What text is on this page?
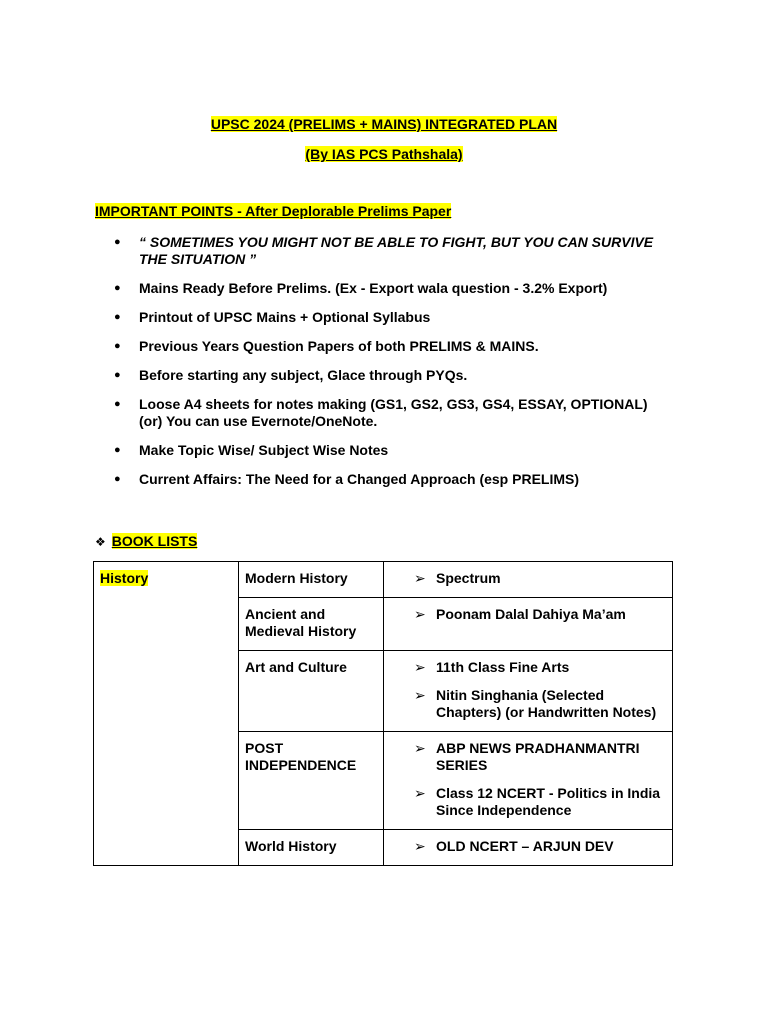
UPSC 2024 (PRELIMS + MAINS) INTEGRATED PLAN
(By IAS PCS Pathshala)
IMPORTANT POINTS - After Deplorable Prelims Paper
● “ SOMETIMES YOU MIGHT NOT BE ABLE TO FIGHT, BUT YOU CAN SURVIVE THE SITUATION ”
● Mains Ready Before Prelims. (Ex - Export wala question - 3.2% Export)
● Printout of UPSC Mains + Optional Syllabus
● Previous Years Question Papers of both PRELIMS & MAINS.
● Before starting any subject, Glace through PYQs.
● Loose A4 sheets for notes making (GS1, GS2, GS3, GS4, ESSAY, OPTIONAL) (or) You can use Evernote/OneNote.
● Make Topic Wise/ Subject Wise Notes
● Current Affairs: The Need for a Changed Approach (esp PRELIMS)
❖ BOOK LISTS
History	Modern History	➢ Spectrum

	Ancient and Medieval History	➢ Poonam Dalal Dahiya Ma’am

	Art and Culture	➢ 11th Class Fine Arts
➢ Nitin Singhania (Selected Chapters) (or Handwritten Notes)

	POST INDEPENDENCE	➢ ABP NEWS PRADHANMANTRI SERIES
➢ Class 12 NCERT - Politics in India Since Independence

	World History	➢ OLD NCERT – ARJUN DEV
